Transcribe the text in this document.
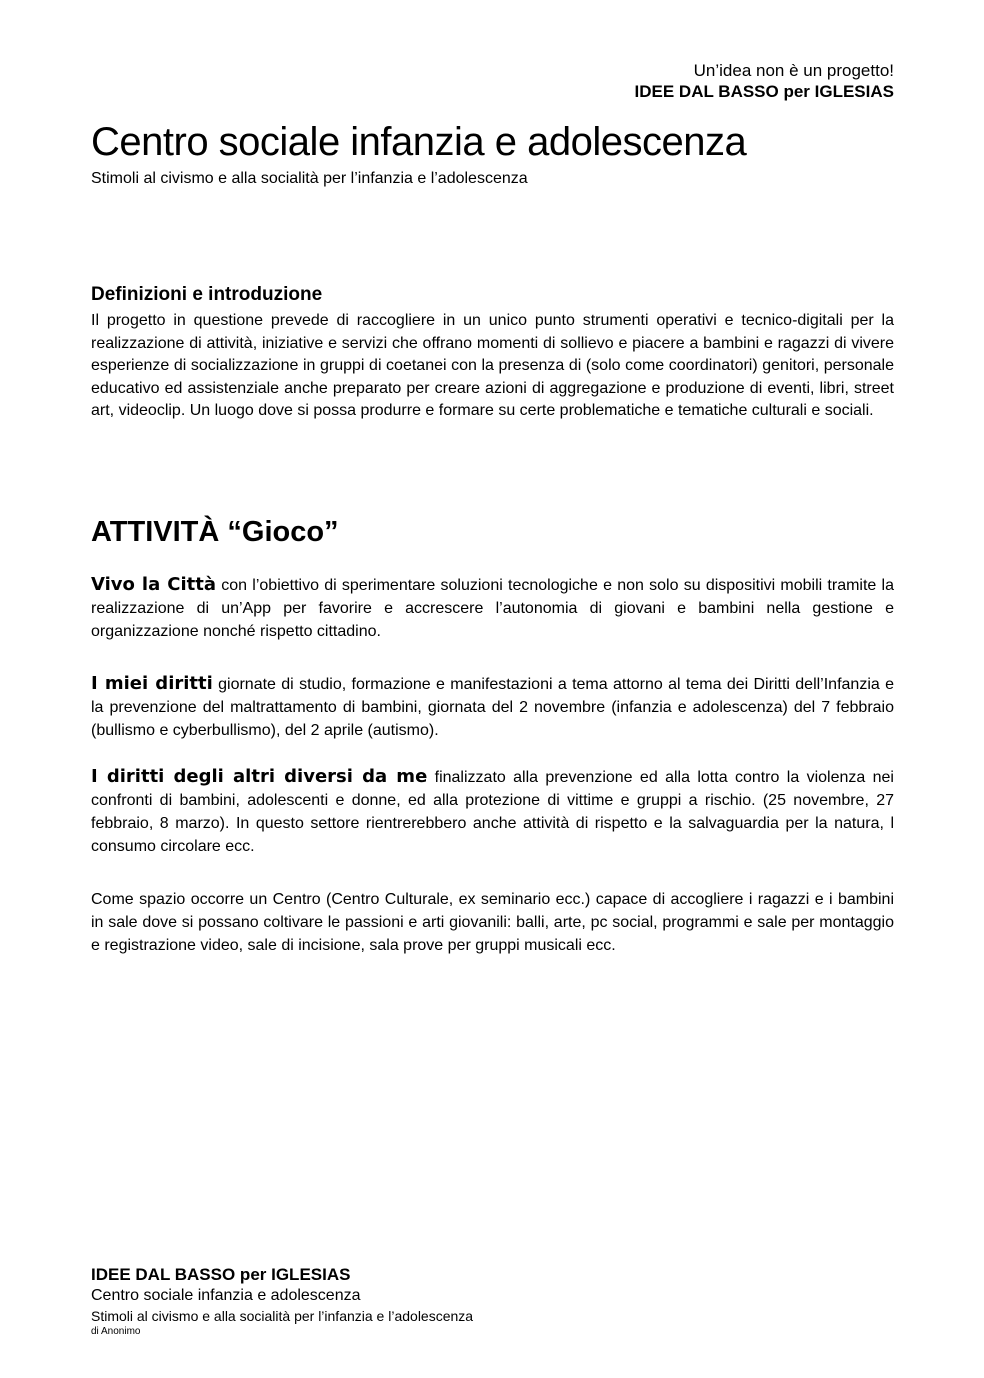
Un’idea non è un progetto!
IDEE DAL BASSO per IGLESIAS
Centro sociale infanzia e adolescenza
Stimoli al civismo e alla socialità per l’infanzia e l’adolescenza
Definizioni e introduzione

Il progetto in questione prevede di raccogliere in un unico punto strumenti operativi e tecnico-digitali per la realizzazione di attività, iniziative e servizi che offrano momenti di sollievo e piacere a bambini e ragazzi di vivere esperienze di socializzazione in gruppi di coetanei con la presenza di (solo come coordinatori) genitori, personale educativo ed assistenziale anche preparato per creare azioni di aggregazione e produzione di eventi, libri, street art, videoclip. Un luogo dove si possa produrre e formare su certe problematiche e tematiche culturali e sociali.

ATTIVITÀ “Gioco”

Vivo la Città con l’obiettivo di sperimentare soluzioni tecnologiche e non solo su dispositivi mobili tramite la realizzazione di un’App per favorire e accrescere l’autonomia di giovani e bambini nella gestione e organizzazione nonché rispetto cittadino.

I miei diritti giornate di studio, formazione e manifestazioni a tema attorno al tema dei Diritti dell’Infanzia e la prevenzione del maltrattamento di bambini, giornata del 2 novembre (infanzia e adolescenza) del 7 febbraio (bullismo e cyberbullismo), del 2 aprile (autismo).

I diritti degli altri diversi da me finalizzato alla prevenzione ed alla lotta contro la violenza nei confronti di bambini, adolescenti e donne, ed alla protezione di vittime e gruppi a rischio. (25 novembre, 27 febbraio, 8 marzo). In questo settore rientrerebbero anche attività di rispetto e la salvaguardia per la natura, l consumo circolare ecc.

Come spazio occorre un Centro (Centro Culturale, ex seminario ecc.) capace di accogliere i ragazzi e i bambini in sale dove si possano coltivare le passioni e arti giovanili: balli, arte, pc social, programmi e sale per montaggio e registrazione video, sale di incisione, sala prove per gruppi musicali ecc.

IDEE DAL BASSO per IGLESIAS
Centro sociale infanzia e adolescenza
Stimoli al civismo e alla socialità per l’infanzia e l’adolescenza
di Anonimo
